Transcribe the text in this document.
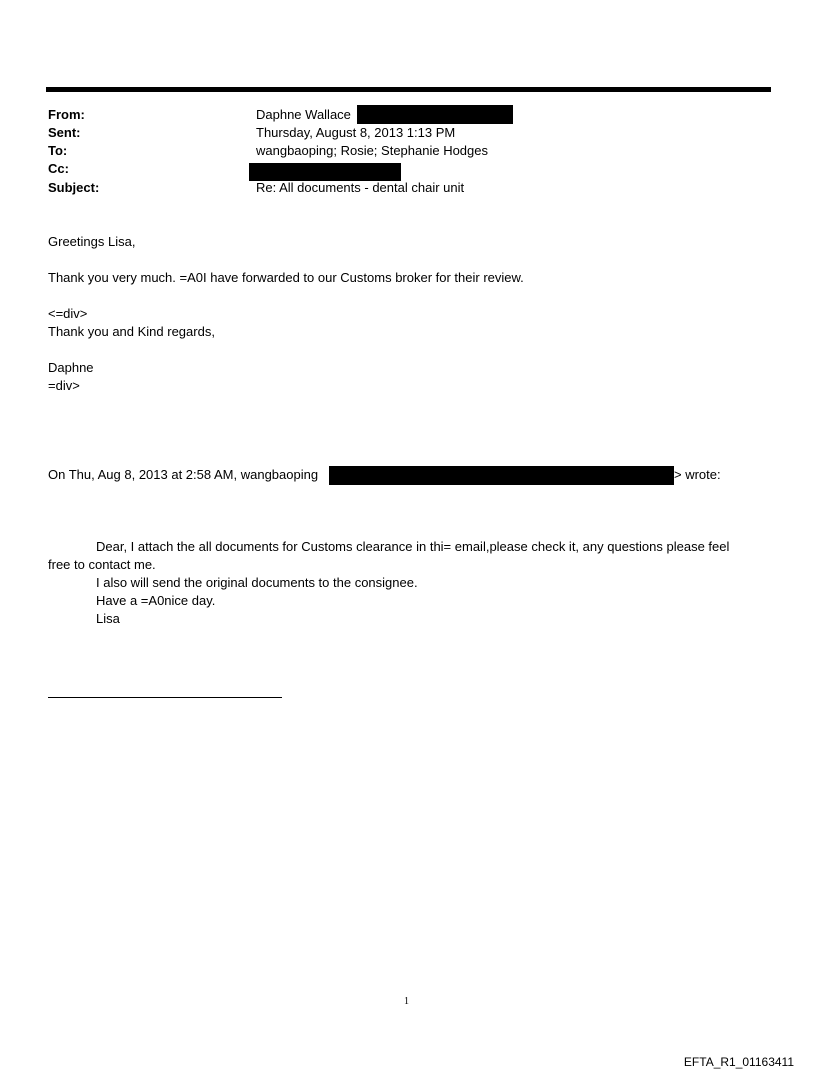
From:	Daphne Wallace
Sent:	Thursday, August 8, 2013 1:13 PM
To:	wangbaoping; Rosie; Stephanie Hodges
Cc:
Subject:	Re: All documents - dental chair unit
Greetings Lisa,
Thank you very much. =A0I have forwarded to our Customs broker for their review.
<=div>
Thank you and Kind regards,
Daphne
=div>
On Thu, Aug 8, 2013 at 2:58 AM, wangbaoping	> wrote:
Dear, I attach the all documents for Customs clearance in thi= email,please check it, any questions please feel
free to contact me.
I also will send the original documents to the consignee.
Have a =A0nice day.
Lisa
1
EFTA_R1_01163411
